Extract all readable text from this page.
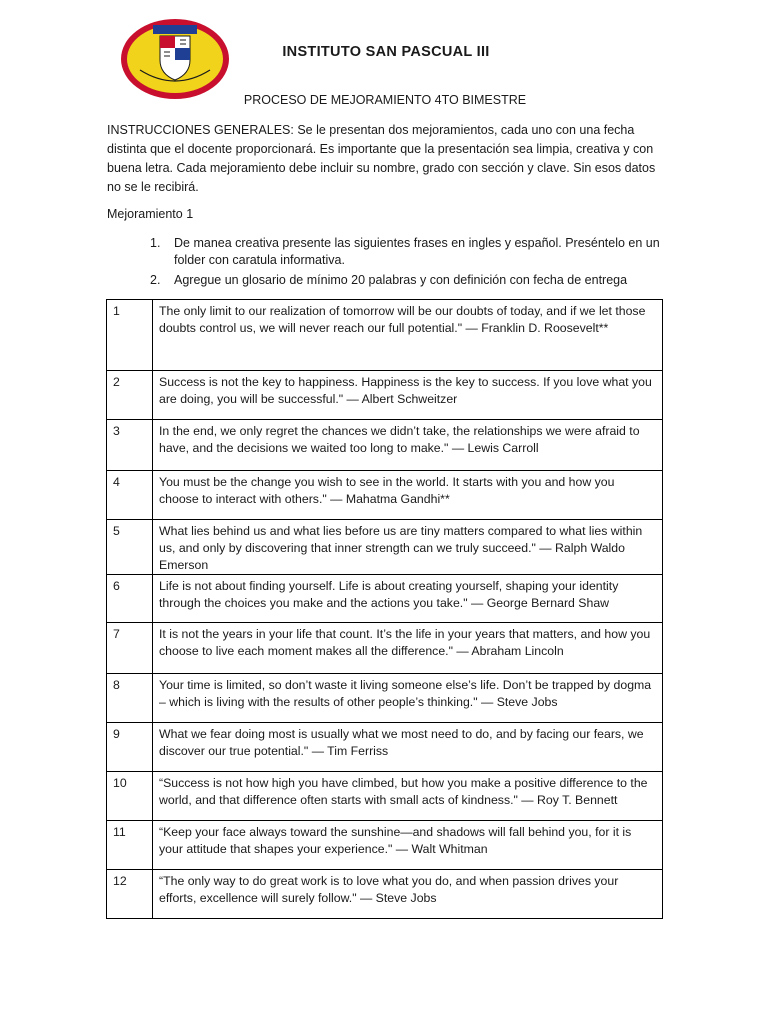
INSTITUTO SAN PASCUAL III
PROCESO DE MEJORAMIENTO 4TO BIMESTRE
INSTRUCCIONES GENERALES: Se le presentan dos mejoramientos, cada uno con una fecha distinta que el docente proporcionará. Es importante que la presentación sea limpia, creativa y con buena letra. Cada mejoramiento debe incluir su nombre, grado con sección y clave. Sin esos datos no se le recibirá.
Mejoramiento 1
1. De manea creativa presente las siguientes frases en ingles y español. Preséntelo en un folder con caratula informativa.
2. Agregue un glosario de mínimo 20 palabras y con definición con fecha de entrega
1	The only limit to our realization of tomorrow will be our doubts of today, and if we let those doubts control us, we will never reach our full potential." — Franklin D. Roosevelt**
2	Success is not the key to happiness. Happiness is the key to success. If you love what you are doing, you will be successful." — Albert Schweitzer
3	In the end, we only regret the chances we didn’t take, the relationships we were afraid to have, and the decisions we waited too long to make." — Lewis Carroll
4	You must be the change you wish to see in the world. It starts with you and how you choose to interact with others." — Mahatma Gandhi**
5	What lies behind us and what lies before us are tiny matters compared to what lies within us, and only by discovering that inner strength can we truly succeed." — Ralph Waldo Emerson
6	Life is not about finding yourself. Life is about creating yourself, shaping your identity through the choices you make and the actions you take." — George Bernard Shaw
7	It is not the years in your life that count. It’s the life in your years that matters, and how you choose to live each moment makes all the difference." — Abraham Lincoln
8	Your time is limited, so don’t waste it living someone else’s life. Don’t be trapped by dogma – which is living with the results of other people’s thinking." — Steve Jobs
9	What we fear doing most is usually what we most need to do, and by facing our fears, we discover our true potential." — Tim Ferriss
10	“Success is not how high you have climbed, but how you make a positive difference to the world, and that difference often starts with small acts of kindness." — Roy T. Bennett
11	“Keep your face always toward the sunshine—and shadows will fall behind you, for it is your attitude that shapes your experience." — Walt Whitman
12	“The only way to do great work is to love what you do, and when passion drives your efforts, excellence will surely follow." — Steve Jobs
